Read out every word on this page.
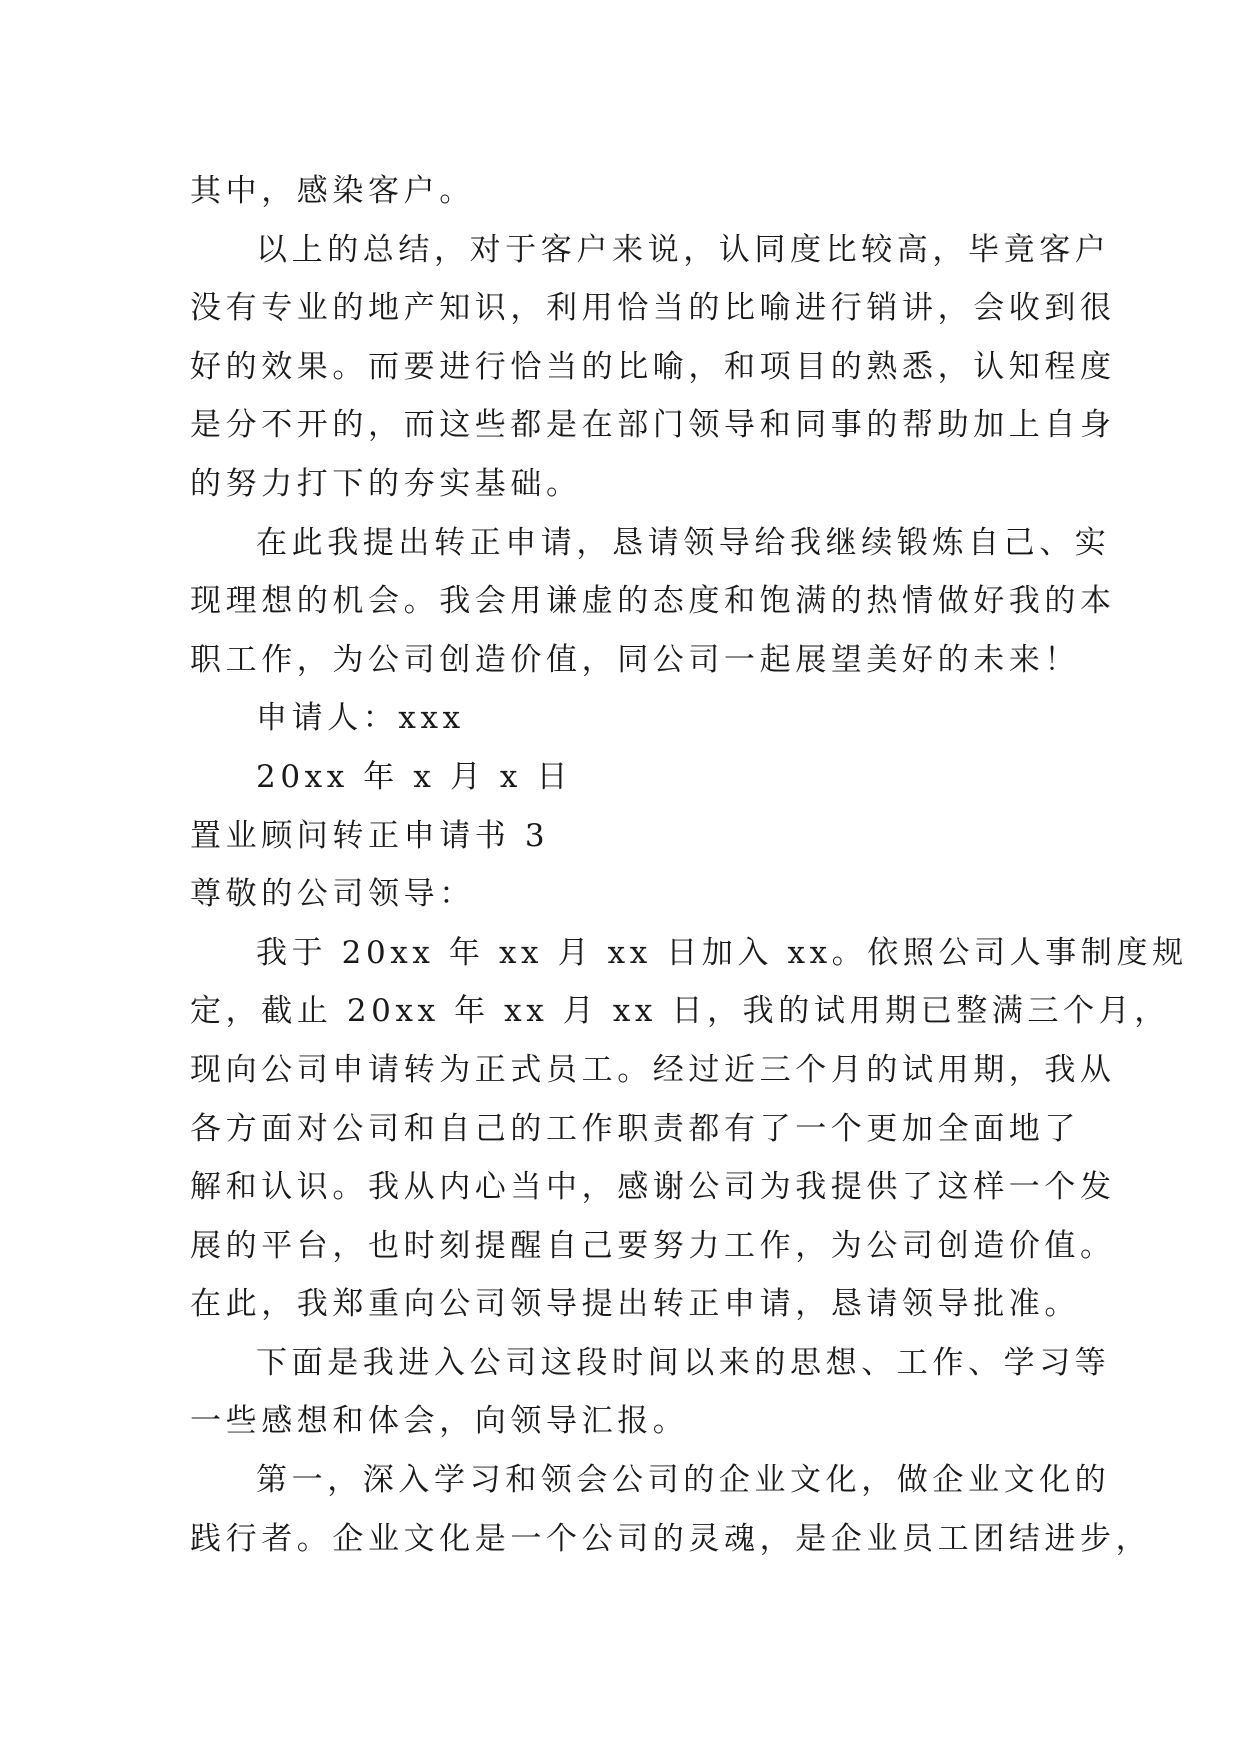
其中，感染客户。
以上的总结，对于客户来说，认同度比较高，毕竟客户
没有专业的地产知识，利用恰当的比喻进行销讲，会收到很
好的效果。而要进行恰当的比喻，和项目的熟悉，认知程度
是分不开的，而这些都是在部门领导和同事的帮助加上自身
的努力打下的夯实基础。
在此我提出转正申请，恳请领导给我继续锻炼自己、实
现理想的机会。我会用谦虚的态度和饱满的热情做好我的本
职工作，为公司创造价值，同公司一起展望美好的未来！
申请人：xxx
20xx 年 x 月 x 日
置业顾问转正申请书 3
尊敬的公司领导：
我于 20xx 年 xx 月 xx 日加入 xx。依照公司人事制度规
定，截止 20xx 年 xx 月 xx 日，我的试用期已整满三个月，
现向公司申请转为正式员工。经过近三个月的试用期，我从
各方面对公司和自己的工作职责都有了一个更加全面地了
解和认识。我从内心当中，感谢公司为我提供了这样一个发
展的平台，也时刻提醒自己要努力工作，为公司创造价值。
在此，我郑重向公司领导提出转正申请，恳请领导批准。
下面是我进入公司这段时间以来的思想、工作、学习等
一些感想和体会，向领导汇报。
第一，深入学习和领会公司的企业文化，做企业文化的
践行者。企业文化是一个公司的灵魂，是企业员工团结进步，
